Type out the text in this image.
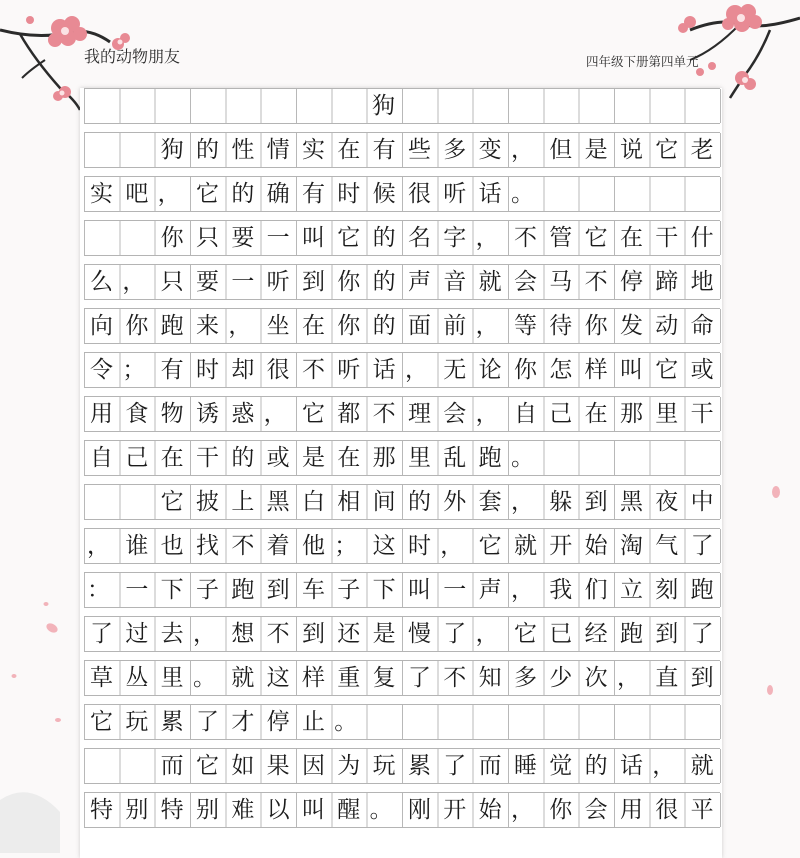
我的动物朋友	四年级下册第四单元
狗
狗 的 性 情 实 在 有 些 多 变 ， 但 是 说 它 老
实 吧 ， 它 的 确 有 时 候 很 听 话 。
你 只 要 一 叫 它 的 名 字 ， 不 管 它 在 干 什
么 ， 只 要 一 听 到 你 的 声 音 就 会 马 不 停 蹄 地
向 你 跑 来 ， 坐 在 你 的 面 前 ， 等 待 你 发 动 命
令 ； 有 时 却 很 不 听 话 ， 无 论 你 怎 样 叫 它 或
用 食 物 诱 惑 ， 它 都 不 理 会 ， 自 己 在 那 里 干
自 己 在 干 的 或 是 在 那 里 乱 跑 。
它 披 上 黑 白 相 间 的 外 套 ， 躲 到 黑 夜 中
， 谁 也 找 不 着 他 ； 这 时 ， 它 就 开 始 淘 气 了
： 一 下 子 跑 到 车 子 下 叫 一 声 ， 我 们 立 刻 跑
了 过 去 ， 想 不 到 还 是 慢 了 ， 它 已 经 跑 到 了
草 丛 里 。 就 这 样 重 复 了 不 知 多 少 次 ， 直 到
它 玩 累 了 才 停 止 。
而 它 如 果 因 为 玩 累 了 而 睡 觉 的 话 ， 就
特 别 特 别 难 以 叫 醒 。 刚 开 始 ， 你 会 用 很 平
